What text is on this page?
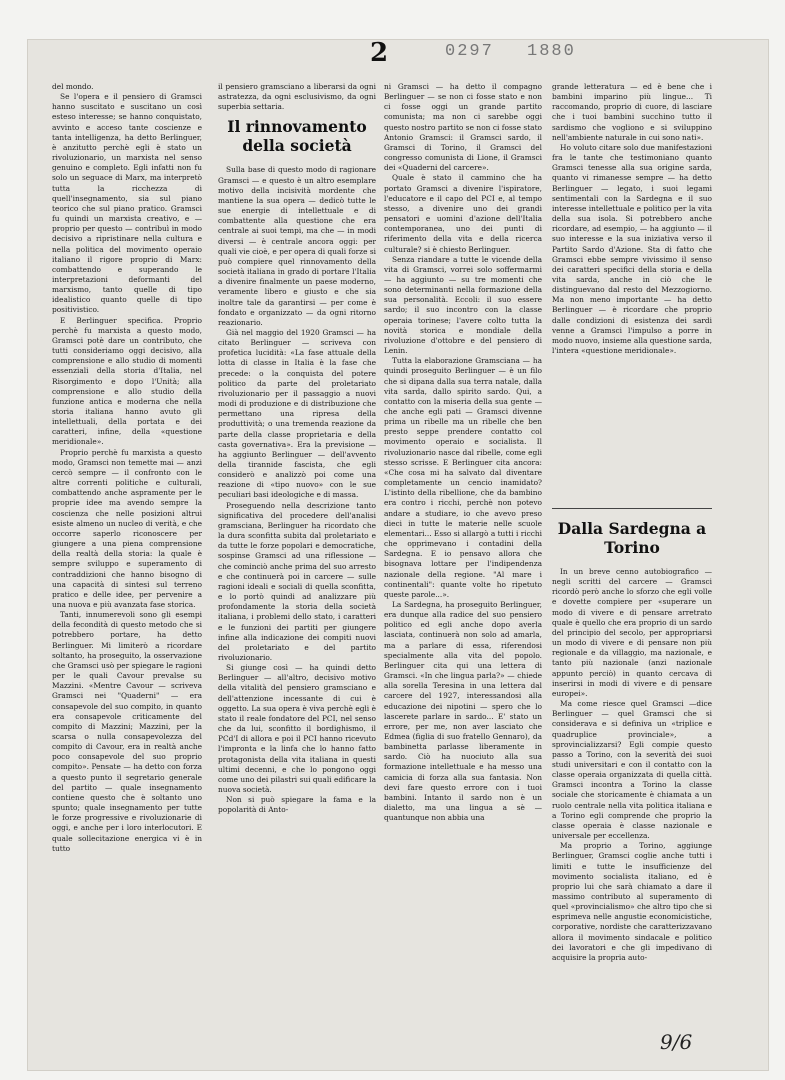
2	0297 1880

del mondo.

Se l'opera e il pensiero di Gramsci hanno suscitato e suscitano un così esteso interesse; se hanno conquistato, avvinto e acceso tante coscienze e tanta intelligenza, ha detto Berlinguer, è anzitutto perchè egli è stato un rivoluzionario, un marxista nel senso genuino e completo. Egli infatti non fu solo un seguace di Marx, ma interpretò tutta la ricchezza di quell'insegnamento, sia sul piano teorico che sul piano pratico. Gramsci fu quindi un marxista creativo, e — proprio per questo — contribuì in modo decisivo a ripristinare nella cultura e nella politica del movimento operaio italiano il rigore proprio di Marx: combattendo e superando le interpretazioni deformanti del marxismo, tanto quelle di tipo idealistico quanto quelle di tipo positivistico.

E Berlinguer specifica. Proprio perchè fu marxista a questo modo, Gramsci potè dare un contributo, che tutti consideriamo oggi decisivo, alla comprensione e allo studio di momenti essenziali della storia d'Italia, nel Risorgimento e dopo l'Unità; alla comprensione e allo studio della funzione antica e moderna che nella storia italiana hanno avuto gli intellettuali, della portata e dei caratteri, infine, della «questione meridionale».

Proprio perchè fu marxista a questo modo, Gramsci non temette mai — anzi cercò sempre — il confronto con le altre correnti politiche e culturali, combattendo anche aspramente per le proprie idee ma avendo sempre la coscienza che nelle posizioni altrui esiste almeno un nucleo di verità, e che occorre saperlo riconoscere per giungere a una piena comprensione della realtà della storia: la quale è sempre sviluppo e superamento di contraddizioni che hanno bisogno di una capacità di sintesi sul terreno pratico e delle idee, per pervenire a una nuova e più avanzata fase storica.

Tanti, innumerevoli sono gli esempi della fecondità di questo metodo che si potrebbero portare, ha detto Berlinguer. Mi limiterò a ricordare soltanto, ha proseguito, la osservazione che Gramsci usò per spiegare le ragioni per le quali Cavour prevalse su Mazzini. «Mentre Cavour — scriveva Gramsci nei "Quaderni" — era consapevole del suo compito, in quanto era consapevole criticamente del compito di Mazzini; Mazzini, per la scarsa o nulla consapevolezza del compito di Cavour, era in realtà anche poco consapevole del suo proprio compito». Pensate — ha detto con forza a questo punto il segretario generale del partito — quale insegnamento contiene questo che è soltanto uno spunto; quale insegnamento per tutte le forze progressive e rivoluzionarie di oggi, e anche per i loro interlocutori. E quale sollecitazione energica vi è in tutto

il pensiero gramsciano a liberarsi da ogni astratezza, da ogni esclusivismo, da ogni superbia settaria.

Il rinnovamento della società

Sulla base di questo modo di ragionare Gramsci — e questo è un altro esemplare motivo della incisività mordente che mantiene la sua opera — dedicò tutte le sue energie di intellettuale e di combattente alla questione che era centrale ai suoi tempi, ma che — in modi diversi — è centrale ancora oggi: per quali vie cioè, e per opera di quali forze si può compiere quel rinnovamento della società italiana in grado di portare l'Italia a divenire finalmente un paese moderno, veramente libero e giusto e che sia inoltre tale da garantirsi — per come è fondato e organizzato — da ogni ritorno reazionario.

Già nel maggio del 1920 Gramsci — ha citato Berlinguer — scriveva con profetica lucidità: «La fase attuale della lotta di classe in Italia è la fase che precede: o la conquista del potere politico da parte del proletariato rivoluzionario per il passaggio a nuovi modi di produzione e di distribuzione che permettano una ripresa della produttività; o una tremenda reazione da parte della classe proprietaria e della casta governativa». Era la previsione — ha aggiunto Berlinguer — dell'avvento della tirannide fascista, che egli considerò e analizzò poi come una reazione di «tipo nuovo» con le sue peculiari basi ideologiche e di massa.

Proseguendo nella descrizione tanto significativa del procedere dell'analisi gramsciana, Berlinguer ha ricordato che la dura sconfitta subita dal proletariato e da tutte le forze popolari e democratiche, sospinse Gramsci ad una riflessione — che cominciò anche prima del suo arresto e che continuerà poi in carcere — sulle ragioni ideali e sociali di quella sconfitta, e lo portò quindi ad analizzare più profondamente la storia della società italiana, i problemi dello stato, i caratteri e le funzioni dei partiti per giungere infine alla indicazione dei compiti nuovi del proletariato e del partito rivoluzionario.

Si giunge così — ha quindi detto Berlinguer — all'altro, decisivo motivo della vitalità del pensiero gramsciano e dell'attenzione incessante di cui è oggetto. La sua opera è viva perchè egli è stato il reale fondatore del PCI, nel senso che da lui, sconfitto il bordighismo, il PCd'I di allora e poi il PCI hanno ricevuto l'impronta e la linfa che lo hanno fatto protagonista della vita italiana in questi ultimi decenni, e che lo pongono oggi come uno dei pilastri sui quali edificare la nuova società.

Non si può spiegare la fama e la popolarità di Anto-

ni Gramsci — ha detto il compagno Berlinguer — se non ci fosse stato e non ci fosse oggi un grande partito comunista; ma non ci sarebbe oggi questo nostro partito se non ci fosse stato Antonio Gramsci: il Gramsci sardo, il Gramsci di Torino, il Gramsci del congresso comunista di Lione, il Gramsci dei «Quaderni del carcere».

Quale è stato il cammino che ha portato Gramsci a divenire l'ispiratore, l'educatore e il capo del PCI e, al tempo stesso, a divenire uno dei grandi pensatori e uomini d'azione dell'Italia contemporanea, uno dei punti di riferimento della vita e della ricerca culturale? si è chiesto Berlinguer.

Senza riandare a tutte le vicende della vita di Gramsci, vorrei solo soffermarmi — ha aggiunto — su tre momenti che sono determinanti nella formazione della sua personalità. Eccoli: il suo essere sardo; il suo incontro con la classe operaia torinese; l'avere colto tutta la novità storica e mondiale della rivoluzione d'ottobre e del pensiero di Lenin.

Tutta la elaborazione Gramsciana — ha quindi proseguito Berlinguer — è un filo che si dipana dalla sua terra natale, dalla vita sarda, dallo spirito sardo. Qui, a contatto con la miseria della sua gente — che anche egli pati — Gramsci divenne prima un ribelle ma un ribelle che ben presto seppe prendere contatto col movimento operaio e socialista. Il rivoluzionario nasce dal ribelle, come egli stesso scrisse. E Berlinguer cita ancora: «Che cosa mi ha salvato dal diventare completamente un cencio inamidato? L'istinto della ribellione, che da bambino era contro i ricchi, perchè non potevo andare a studiare, io che avevo preso dieci in tutte le materie nelle scuole elementari... Esso si allargò a tutti i ricchi che opprimevano i contadini della Sardegna. E io pensavo allora che bisognava lottare per l'indipendenza nazionale della regione. "Al mare i continentali": quante volte ho ripetuto queste parole...».

La Sardegna, ha proseguito Berlinguer, era dunque alla radice del suo pensiero politico ed egli anche dopo averla lasciata, continuerà non solo ad amarla, ma a parlare di essa, riferendosi specialmente alla vita del popolo. Berlinguer cita qui una lettera di Gramsci. «In che lingua parla?» — chiede alla sorella Teresina in una lettera dal carcere del 1927, interessandosi alla educazione dei nipotini — spero che lo lascerete parlare in sardo... E' stato un errore, per me, non aver lasciato che Edmea (figlia di suo fratello Gennaro), da bambinetta parlasse liberamente in sardo. Ciò ha nuociuto alla sua formazione intellettuale e ha messo una camicia di forza alla sua fantasia. Non devi fare questo errore con i tuoi bambini. Intanto il sardo non è un dialetto, ma una lingua a sè — quantunque non abbia una

grande letteratura — ed è bene che i bambini imparino più lingue... Ti raccomando, proprio di cuore, di lasciare che i tuoi bambini succhino tutto il sardismo che vogliono e si sviluppino nell'ambiente naturale in cui sono nati».

Ho voluto citare solo due manifestazioni fra le tante che testimoniano quanto Gramsci tenesse alla sua origine sarda, quanto vi rimanesse sempre — ha detto Berlinguer — legato, i suoi legami sentimentali con la Sardegna e il suo interesse intellettuale e politico per la vita della sua isola. Si potrebbero anche ricordare, ad esempio, — ha aggiunto — il suo interesse e la sua iniziativa verso il Partito Sardo d'Azione. Sta di fatto che Gramsci ebbe sempre vivissimo il senso dei caratteri specifici della storia e della vita sarda, anche in ciò che le distinguevano dal resto del Mezzogiorno. Ma non meno importante — ha detto Berlinguer — è ricordare che proprio dalle condizioni di esistenza dei sardi venne a Gramsci l'impulso a porre in modo nuovo, insieme alla questione sarda, l'intera «questione meridionale».

Dalla Sardegna a Torino

In un breve cenno autobiografico — negli scritti del carcere — Gramsci ricordò però anche lo sforzo che egli volle e dovette compiere per «superare un modo di vivere e di pensare arretrato quale è quello che era proprio di un sardo del principio del secolo, per appropriarsi un modo di vivere e di pensare non più regionale e da villaggio, ma nazionale, e tanto più nazionale (anzi nazionale appunto perciò) in quanto cercava di inserirsi in modi di vivere e di pensare europei».

Ma come riesce quel Gramsci —dice Berlinguer — quel Gramsci che si considerava e si definiva un «triplice e quadruplice provinciale», a sprovincializzarsi? Egli compie questo passo a Torino, con la severità dei suoi studi universitari e con il contatto con la classe operaia organizzata di quella città. Gramsci incontra a Torino la classe sociale che storicamente è chiamata a un ruolo centrale nella vita politica italiana e a Torino egli comprende che proprio la classe operaia è classe nazionale e universale per eccellenza.

Ma proprio a Torino, aggiunge Berlinguer, Gramsci coglie anche tutti i limiti e tutte le insufficienze del movimento socialista italiano, ed è proprio lui che sarà chiamato a dare il massimo contributo al superamento di quel «provincialismo» che altro tipo che si esprimeva nelle angustie economicistiche, corporative, nordiste che caratterizzavano allora il movimento sindacale e politico dei lavoratori e che gli impedivano di acquisire la propria auto-

9/6
